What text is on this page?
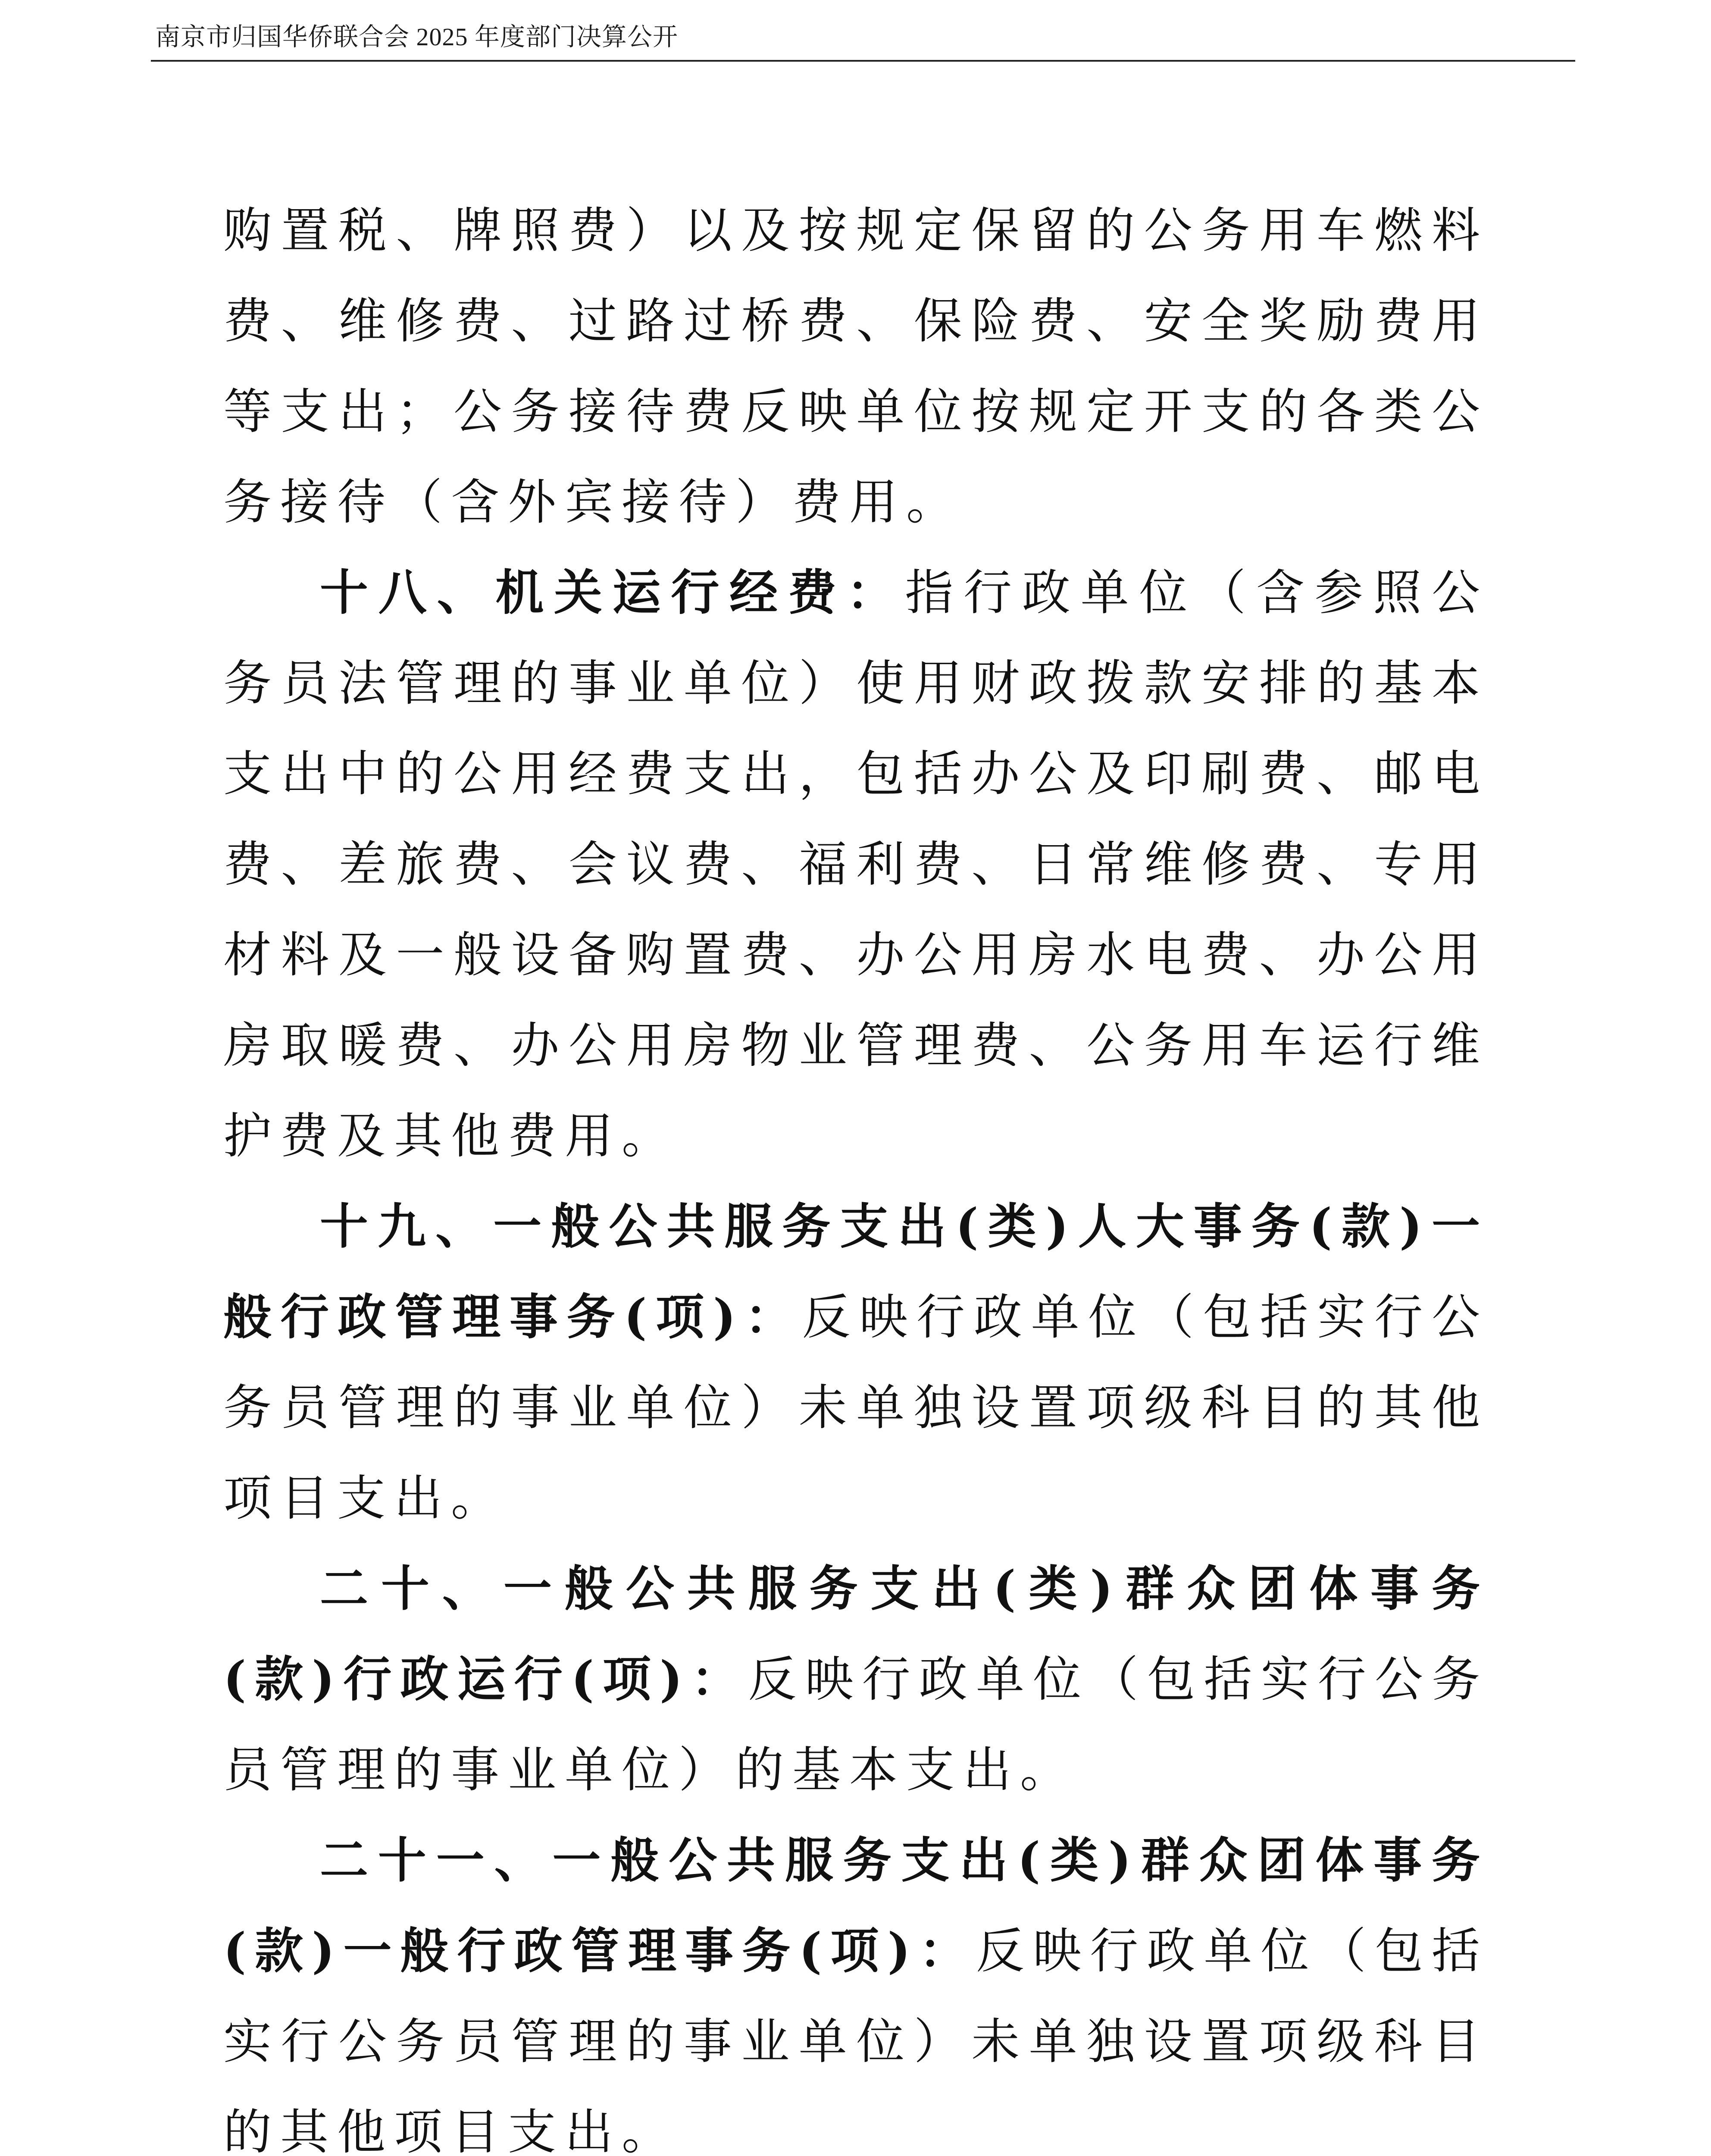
南京市归国华侨联合会 2025 年度部门决算公开

购置税、牌照费）以及按规定保留的公务用车燃料费、维修费、过路过桥费、保险费、安全奖励费用等支出；公务接待费反映单位按规定开支的各类公务接待（含外宾接待）费用。

十八、机关运行经费：指行政单位（含参照公务员法管理的事业单位）使用财政拨款安排的基本支出中的公用经费支出，包括办公及印刷费、邮电费、差旅费、会议费、福利费、日常维修费、专用材料及一般设备购置费、办公用房水电费、办公用房取暖费、办公用房物业管理费、公务用车运行维护费及其他费用。

十九、一般公共服务支出(类)人大事务(款)一般行政管理事务(项)：反映行政单位（包括实行公务员管理的事业单位）未单独设置项级科目的其他项目支出。

二十、一般公共服务支出(类)群众团体事务(款)行政运行(项)：反映行政单位（包括实行公务员管理的事业单位）的基本支出。

二十一、一般公共服务支出(类)群众团体事务(款)一般行政管理事务(项)：反映行政单位（包括实行公务员管理的事业单位）未单独设置项级科目的其他项目支出。
